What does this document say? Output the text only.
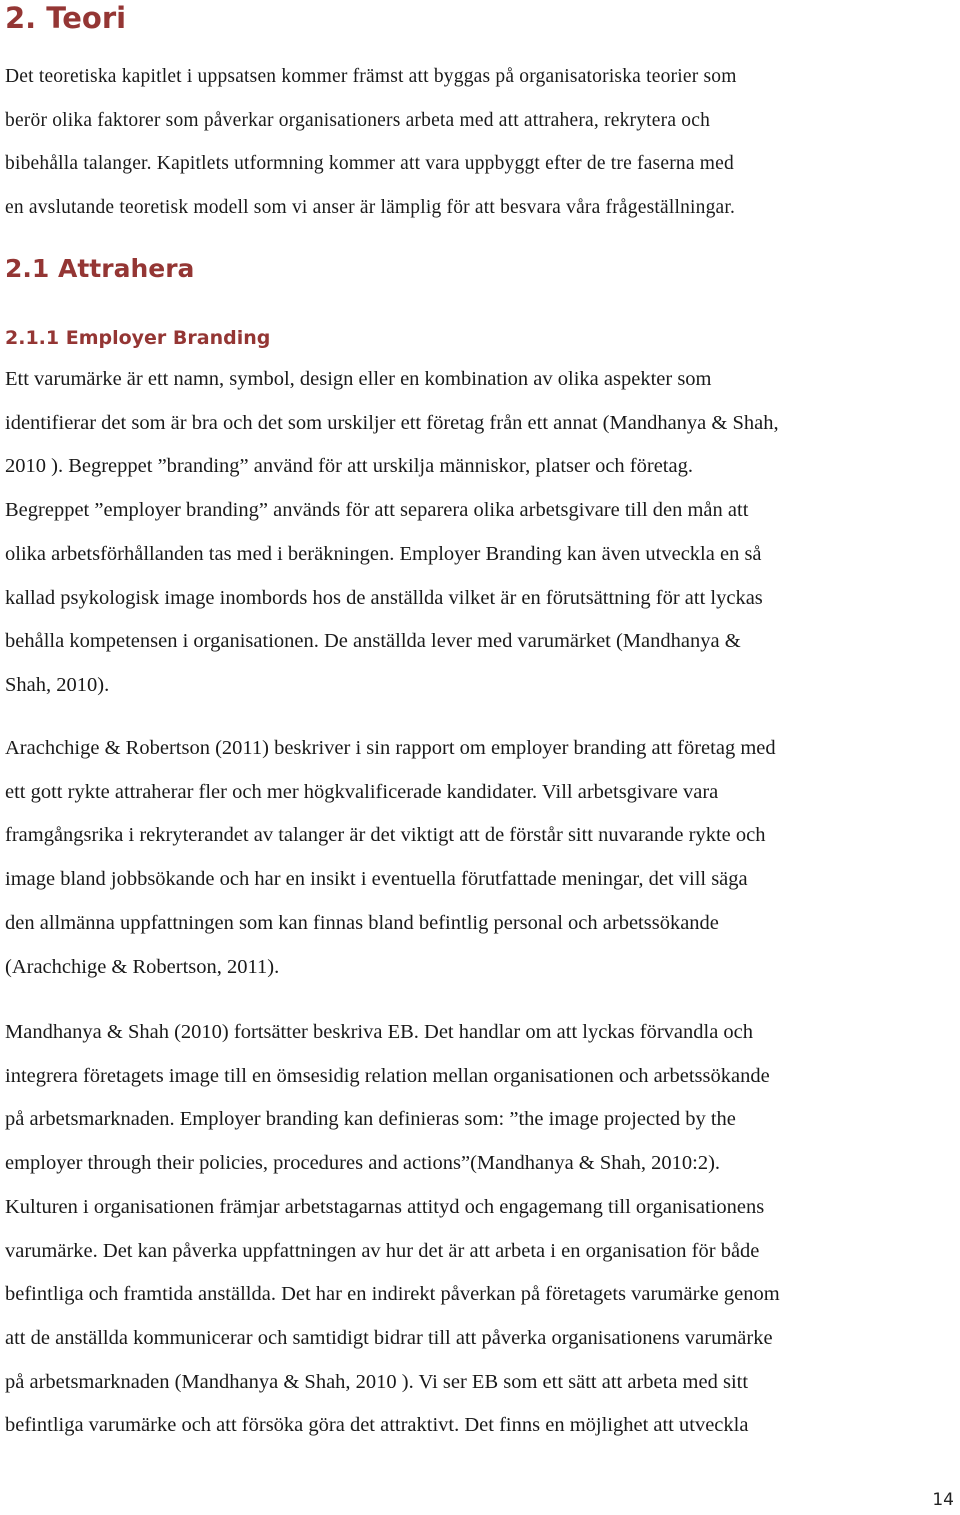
2. Teori

Det teoretiska kapitlet i uppsatsen kommer främst att byggas på organisatoriska teorier som
berör olika faktorer som påverkar organisationers arbeta med att attrahera, rekrytera och
bibehålla talanger. Kapitlets utformning kommer att vara uppbyggt efter de tre faserna med
en avslutande teoretisk modell som vi anser är lämplig för att besvara våra frågeställningar.

2.1 Attrahera
2.1.1 Employer Branding

Ett varumärke är ett namn, symbol, design eller en kombination av olika aspekter som
identifierar det som är bra och det som urskiljer ett företag från ett annat (Mandhanya & Shah,
2010 ). Begreppet ”branding” använd för att urskilja människor, platser och företag.
Begreppet ”employer branding” används för att separera olika arbetsgivare till den mån att
olika arbetsförhållanden tas med i beräkningen. Employer Branding kan även utveckla en så
kallad psykologisk image inombords hos de anställda vilket är en förutsättning för att lyckas
behålla kompetensen i organisationen. De anställda lever med varumärket (Mandhanya &
Shah, 2010).

Arachchige & Robertson (2011) beskriver i sin rapport om employer branding att företag med
ett gott rykte attraherar fler och mer högkvalificerade kandidater. Vill arbetsgivare vara
framgångsrika i rekryterandet av talanger är det viktigt att de förstår sitt nuvarande rykte och
image bland jobbsökande och har en insikt i eventuella förutfattade meningar, det vill säga
den allmänna uppfattningen som kan finnas bland befintlig personal och arbetssökande
(Arachchige & Robertson, 2011).

Mandhanya & Shah (2010) fortsätter beskriva EB. Det handlar om att lyckas förvandla och
integrera företagets image till en ömsesidig relation mellan organisationen och arbetssökande
på arbetsmarknaden. Employer branding kan definieras som: ”the image projected by the
employer through their policies, procedures and actions”(Mandhanya & Shah, 2010:2).
Kulturen i organisationen främjar arbetstagarnas attityd och engagemang till organisationens
varumärke. Det kan påverka uppfattningen av hur det är att arbeta i en organisation för både
befintliga och framtida anställda. Det har en indirekt påverkan på företagets varumärke genom
att de anställda kommunicerar och samtidigt bidrar till att påverka organisationens varumärke
på arbetsmarknaden (Mandhanya & Shah, 2010 ). Vi ser EB som ett sätt att arbeta med sitt
befintliga varumärke och att försöka göra det attraktivt. Det finns en möjlighet att utveckla

14
